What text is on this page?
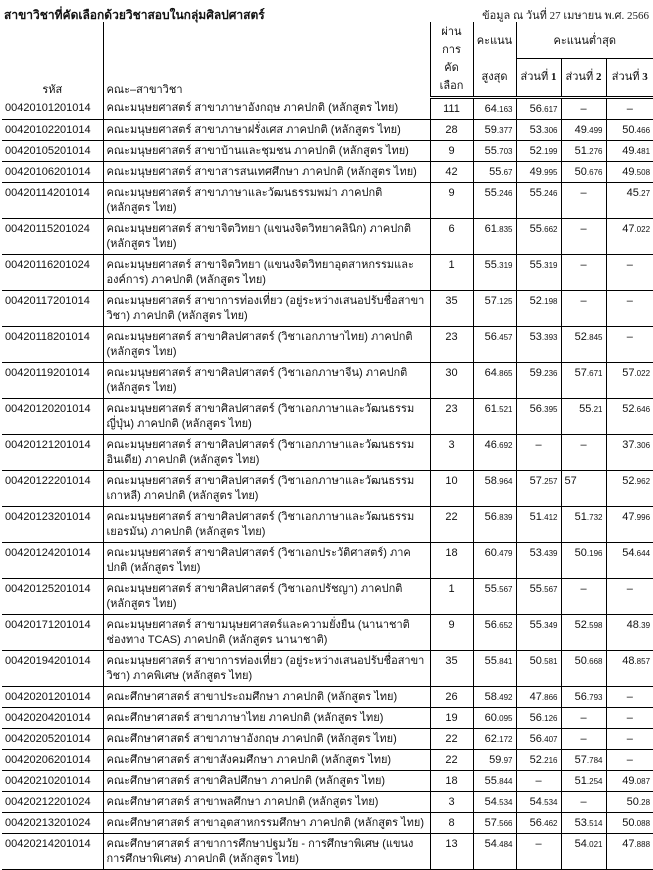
สาขาวิชาที่คัดเลือกด้วยวิชาสอบในกลุ่มศิลปศาสตร์	ข้อมูล ณ วันที่ 27 เมษายน พ.ศ. 2566
รหัส	คณะ–สาขาวิชา	ผ่านการ	คะแนน	คะแนนต่ำสุด		
		คัดเลือก	สูงสุด	ส่วนที่ 1	ส่วนที่ 2	ส่วนที่ 3
00420101201014	คณะมนุษยศาสตร์ สาขาภาษาอังกฤษ ภาคปกติ (หลักสูตร ไทย)	111	64.163	56.617	–	–
00420102201014	คณะมนุษยศาสตร์ สาขาภาษาฝรั่งเศส ภาคปกติ (หลักสูตร ไทย)	28	59.377	53.306	49.499	50.466
00420105201014	คณะมนุษยศาสตร์ สาขาบ้านและชุมชน ภาคปกติ (หลักสูตร ไทย)	9	55.703	52.199	51.276	49.481
00420106201014	คณะมนุษยศาสตร์ สาขาสารสนเทศศึกษา ภาคปกติ (หลักสูตร ไทย)	42	55.67	49.995	50.676	49.508
00420114201014	คณะมนุษยศาสตร์ สาขาภาษาและวัฒนธรรมพม่า ภาคปกติ (หลักสูตร ไทย)	9	55.246	55.246	–	45.27
00420115201024	คณะมนุษยศาสตร์ สาขาจิตวิทยา (แขนงจิตวิทยาคลินิก) ภาคปกติ (หลักสูตร ไทย)	6	61.835	55.662	–	47.022
00420116201024	คณะมนุษยศาสตร์ สาขาจิตวิทยา (แขนงจิตวิทยาอุตสาหกรรมและองค์การ) ภาคปกติ (หลักสูตร ไทย)	1	55.319	55.319	–	–
00420117201014	คณะมนุษยศาสตร์ สาขาการท่องเที่ยว (อยู่ระหว่างเสนอปรับชื่อสาขาวิชา) ภาคปกติ (หลักสูตร ไทย)	35	57.125	52.198	–	–
00420118201014	คณะมนุษยศาสตร์ สาขาศิลปศาสตร์ (วิชาเอกภาษาไทย) ภาคปกติ (หลักสูตร ไทย)	23	56.457	53.393	52.845	–
00420119201014	คณะมนุษยศาสตร์ สาขาศิลปศาสตร์ (วิชาเอกภาษาจีน) ภาคปกติ (หลักสูตร ไทย)	30	64.865	59.236	57.671	57.022
00420120201014	คณะมนุษยศาสตร์ สาขาศิลปศาสตร์ (วิชาเอกภาษาและวัฒนธรรมญี่ปุ่น) ภาคปกติ (หลักสูตร ไทย)	23	61.521	56.395	55.21	52.646
00420121201014	คณะมนุษยศาสตร์ สาขาศิลปศาสตร์ (วิชาเอกภาษาและวัฒนธรรมอินเดีย) ภาคปกติ (หลักสูตร ไทย)	3	46.692	–	–	37.306
00420122201014	คณะมนุษยศาสตร์ สาขาศิลปศาสตร์ (วิชาเอกภาษาและวัฒนธรรมเกาหลี) ภาคปกติ (หลักสูตร ไทย)	10	58.964	57.257	57	52.962
00420123201014	คณะมนุษยศาสตร์ สาขาศิลปศาสตร์ (วิชาเอกภาษาและวัฒนธรรมเยอรมัน) ภาคปกติ (หลักสูตร ไทย)	22	56.839	51.412	51.732	47.996
00420124201014	คณะมนุษยศาสตร์ สาขาศิลปศาสตร์ (วิชาเอกประวัติศาสตร์) ภาคปกติ (หลักสูตร ไทย)	18	60.479	53.439	50.196	54.644
00420125201014	คณะมนุษยศาสตร์ สาขาศิลปศาสตร์ (วิชาเอกปรัชญา) ภาคปกติ (หลักสูตร ไทย)	1	55.567	55.567	–	–
00420171201014	คณะมนุษยศาสตร์ สาขามนุษยศาสตร์และความยั่งยืน (นานาชาติ ช่องทาง TCAS) ภาคปกติ (หลักสูตร นานาชาติ)	9	56.652	55.349	52.598	48.39
00420194201014	คณะมนุษยศาสตร์ สาขาการท่องเที่ยว (อยู่ระหว่างเสนอปรับชื่อสาขาวิชา) ภาคพิเศษ (หลักสูตร ไทย)	35	55.841	50.581	50.668	48.857
00420201201014	คณะศึกษาศาสตร์ สาขาประถมศึกษา ภาคปกติ (หลักสูตร ไทย)	26	58.492	47.866	56.793	–
00420204201014	คณะศึกษาศาสตร์ สาขาภาษาไทย ภาคปกติ (หลักสูตร ไทย)	19	60.095	56.126	–	–
00420205201014	คณะศึกษาศาสตร์ สาขาภาษาอังกฤษ ภาคปกติ (หลักสูตร ไทย)	22	62.172	56.407	–	–
00420206201014	คณะศึกษาศาสตร์ สาขาสังคมศึกษา ภาคปกติ (หลักสูตร ไทย)	22	59.97	52.216	57.784	–
00420210201014	คณะศึกษาศาสตร์ สาขาศิลปศึกษา ภาคปกติ (หลักสูตร ไทย)	18	55.844	–	51.254	49.087
00420212201024	คณะศึกษาศาสตร์ สาขาพลศึกษา ภาคปกติ (หลักสูตร ไทย)	3	54.534	54.534	–	50.28
00420213201024	คณะศึกษาศาสตร์ สาขาอุตสาหกรรมศึกษา ภาคปกติ (หลักสูตร ไทย)	8	57.566	56.462	53.514	50.088
00420214201014	คณะศึกษาศาสตร์ สาขาการศึกษาปฐมวัย - การศึกษาพิเศษ (แขนงการศึกษาพิเศษ) ภาคปกติ (หลักสูตร ไทย)	13	54.484	–	54.021	47.888
